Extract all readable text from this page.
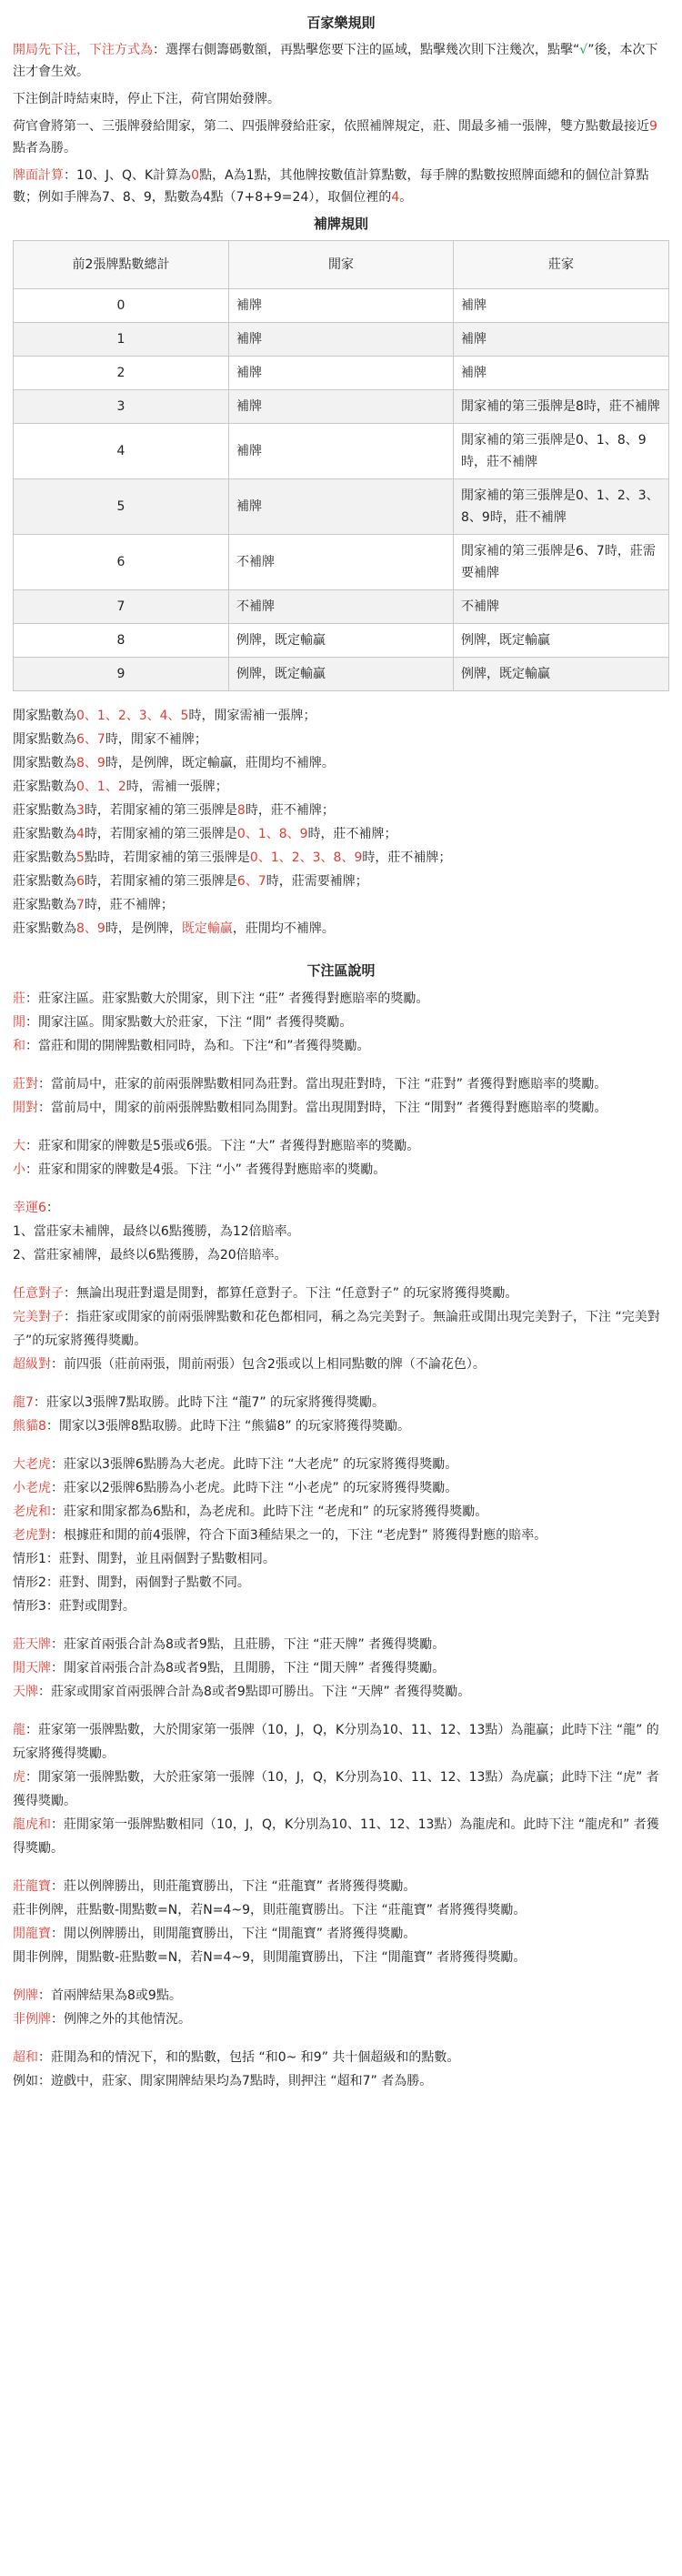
百家樂規則

開局先下注，下注方式為：選擇右側籌碼數額，再點擊您要下注的區域，點擊幾次則下注幾次，點擊“√”後，本次下注才會生效。

下注倒計時結束時，停止下注，荷官開始發牌。

荷官會將第一、三張牌發給閒家，第二、四張牌發給莊家，依照補牌規定，莊、閒最多補一張牌，雙方點數最接近9點者為勝。

牌面計算：10、J、Q、K計算為0點，A為1點，其他牌按數值計算點數，每手牌的點數按照牌面總和的個位計算點數；例如手牌為7、8、9，點數為4點（7+8+9=24），取個位裡的4。

補牌規則
前2張牌點數總計	閒家	莊家
0	補牌	補牌
1	補牌	補牌
2	補牌	補牌
3	補牌	閒家補的第三張牌是8時，莊不補牌
4	補牌	閒家補的第三張牌是0、1、8、9時，莊不補牌
5	補牌	閒家補的第三張牌是0、1、2、3、8、9時，莊不補牌
6	不補牌	閒家補的第三張牌是6、7時，莊需要補牌
7	不補牌	不補牌
8	例牌，既定輸贏	例牌，既定輸贏
9	例牌，既定輸贏	例牌，既定輸贏

閒家點數為0、1、2、3、4、5時，閒家需補一張牌；

閒家點數為6、7時，閒家不補牌；

閒家點數為8、9時，是例牌，既定輸贏，莊閒均不補牌。

莊家點數為0、1、2時，需補一張牌；

莊家點數為3時，若閒家補的第三張牌是8時，莊不補牌；

莊家點數為4時，若閒家補的第三張牌是0、1、8、9時，莊不補牌；

莊家點數為5點時，若閒家補的第三張牌是0、1、2、3、8、9時，莊不補牌；

莊家點數為6時，若閒家補的第三張牌是6、7時，莊需要補牌；

莊家點數為7時，莊不補牌；

莊家點數為8、9時，是例牌，既定輸贏，莊閒均不補牌。

下注區說明

莊：莊家注區。莊家點數大於閒家，則下注 “莊” 者獲得對應賠率的獎勵。

閒：閒家注區。閒家點數大於莊家，下注 “閒” 者獲得獎勵。

和：當莊和閒的開牌點數相同時，為和。下注“和”者獲得獎勵。

莊對：當前局中，莊家的前兩張牌點數相同為莊對。當出現莊對時，下注 “莊對” 者獲得對應賠率的獎勵。

閒對：當前局中，閒家的前兩張牌點數相同為閒對。當出現閒對時，下注 “閒對” 者獲得對應賠率的獎勵。

大：莊家和閒家的牌數是5張或6張。下注 “大” 者獲得對應賠率的獎勵。

小：莊家和閒家的牌數是4張。下注 “小” 者獲得對應賠率的獎勵。

幸運6：

1、當莊家未補牌，最終以6點獲勝，為12倍賠率。

2、當莊家補牌，最終以6點獲勝，為20倍賠率。

任意對子：無論出現莊對還是閒對，都算任意對子。下注 “任意對子” 的玩家將獲得獎勵。

完美對子：指莊家或閒家的前兩張牌點數和花色都相同，稱之為完美對子。無論莊或閒出現完美對子，下注 “完美對子”的玩家將獲得獎勵。

超級對：前四張（莊前兩張，閒前兩張）包含2張或以上相同點數的牌（不論花色）。

龍7：莊家以3張牌7點取勝。此時下注 “龍7” 的玩家將獲得獎勵。

熊貓8：閒家以3張牌8點取勝。此時下注 “熊貓8” 的玩家將獲得獎勵。

大老虎：莊家以3張牌6點勝為大老虎。此時下注 “大老虎” 的玩家將獲得獎勵。

小老虎：莊家以2張牌6點勝為小老虎。此時下注 “小老虎” 的玩家將獲得獎勵。

老虎和：莊家和閒家都為6點和，為老虎和。此時下注 “老虎和” 的玩家將獲得獎勵。

老虎對：根據莊和閒的前4張牌，符合下面3種結果之一的，下注 “老虎對” 將獲得對應的賠率。

情形1：莊對、閒對，並且兩個對子點數相同。

情形2：莊對、閒對，兩個對子點數不同。

情形3：莊對或閒對。

莊天牌：莊家首兩張合計為8或者9點，且莊勝，下注 “莊天牌” 者獲得獎勵。

閒天牌：閒家首兩張合計為8或者9點，且閒勝，下注 “閒天牌” 者獲得獎勵。

天牌：莊家或閒家首兩張牌合計為8或者9點即可勝出。下注 “天牌” 者獲得獎勵。

龍：莊家第一張牌點數，大於閒家第一張牌（10，J，Q，K分別為10、11、12、13點）為龍贏；此時下注 “龍” 的玩家將獲得獎勵。

虎：閒家第一張牌點數，大於莊家第一張牌（10，J，Q，K分別為10、11、12、13點）為虎贏；此時下注 “虎” 者獲得獎勵。

龍虎和：莊閒家第一張牌點數相同（10，J，Q，K分別為10、11、12、13點）為龍虎和。此時下注 “龍虎和” 者獲得獎勵。

莊龍寶：莊以例牌勝出，則莊龍寶勝出，下注 “莊龍寶” 者將獲得獎勵。

莊非例牌，莊點數-閒點數=N，若N=4~9，則莊龍寶勝出。下注 “莊龍寶” 者將獲得獎勵。

閒龍寶：閒以例牌勝出，則閒龍寶勝出，下注 “閒龍寶” 者將獲得獎勵。

閒非例牌，閒點數-莊點數=N，若N=4~9，則閒龍寶勝出，下注 “閒龍寶” 者將獲得獎勵。

例牌：首兩牌結果為8或9點。

非例牌：例牌之外的其他情況。

超和：莊閒為和的情況下，和的點數，包括 “和0~ 和9” 共十個超級和的點數。

例如：遊戲中，莊家、閒家開牌結果均為7點時，則押注 “超和7” 者為勝。
